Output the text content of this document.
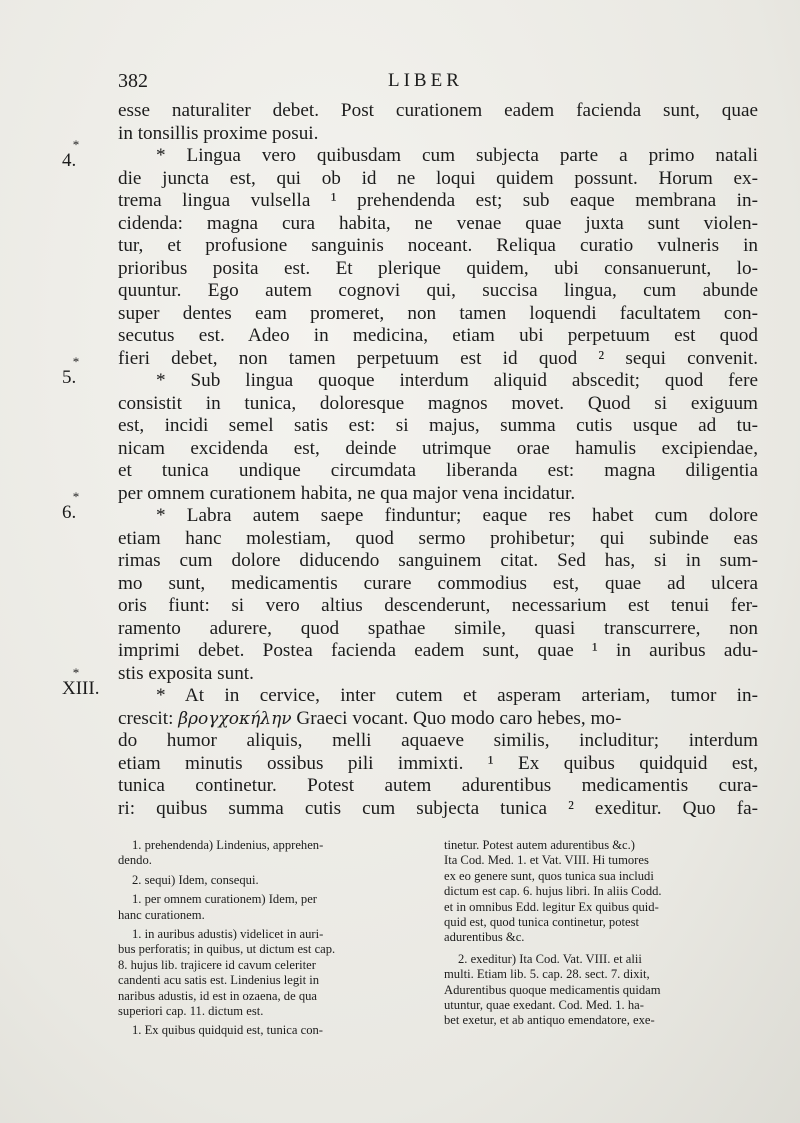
382	LIBER
*
4.
*
5.
*
6.
*
XIII.
esse naturaliter debet. Post curationem eadem facienda sunt, quae
in tonsillis proxime posui.
* Lingua vero quibusdam cum subjecta parte a primo natali
die juncta est, qui ob id ne loqui quidem possunt. Horum ex-
trema lingua vulsella ¹ prehendenda est; sub eaque membrana in-
cidenda: magna cura habita, ne venae quae juxta sunt violen-
tur, et profusione sanguinis noceant. Reliqua curatio vulneris in
prioribus posita est. Et plerique quidem, ubi consanuerunt, lo-
quuntur. Ego autem cognovi qui, succisa lingua, cum abunde
super dentes eam promeret, non tamen loquendi facultatem con-
secutus est. Adeo in medicina, etiam ubi perpetuum est quod
fieri debet, non tamen perpetuum est id quod ² sequi convenit.
* Sub lingua quoque interdum aliquid abscedit; quod fere
consistit in tunica, doloresque magnos movet. Quod si exiguum
est, incidi semel satis est: si majus, summa cutis usque ad tu-
nicam excidenda est, deinde utrimque orae hamulis excipiendae,
et tunica undique circumdata liberanda est: magna diligentia
per omnem curationem habita, ne qua major vena incidatur.
* Labra autem saepe finduntur; eaque res habet cum dolore
etiam hanc molestiam, quod sermo prohibetur; qui subinde eas
rimas cum dolore diducendo sanguinem citat. Sed has, si in sum-
mo sunt, medicamentis curare commodius est, quae ad ulcera
oris fiunt: si vero altius descenderunt, necessarium est tenui fer-
ramento adurere, quod spathae simile, quasi transcurrere, non
imprimi debet. Postea facienda eadem sunt, quae ¹ in auribus adu-
stis exposita sunt.
* At in cervice, inter cutem et asperam arteriam, tumor in-
crescit: βρογχοκήλην Graeci vocant. Quo modo caro hebes, mo-
do humor aliquis, melli aquaeve similis, includitur; interdum
etiam minutis ossibus pili immixti. ¹ Ex quibus quidquid est,
tunica continetur. Potest autem adurentibus medicamentis cura-
ri: quibus summa cutis cum subjecta tunica ² exeditur. Quo fa-
1. prehendenda) Lindenius, apprehen-
dendo.
2. sequi) Idem, consequi.
1. per omnem curationem) Idem, per
hanc curationem.
1. in auribus adustis) videlicet in auri-
bus perforatis; in quibus, ut dictum est cap.
8. hujus lib. trajicere id cavum celeriter
candenti acu satis est. Lindenius legit in
naribus adustis, id est in ozaena, de qua
superiori cap. 11. dictum est.
1. Ex quibus quidquid est, tunica con-
tinetur. Potest autem adurentibus &c.)
Ita Cod. Med. 1. et Vat. VIII. Hi tumores
ex eo genere sunt, quos tunica sua includi
dictum est cap. 6. hujus libri. In aliis Codd.
et in omnibus Edd. legitur Ex quibus quid-
quid est, quod tunica continetur, potest
adurentibus &c.
2. exeditur) Ita Cod. Vat. VIII. et alii
multi. Etiam lib. 5. cap. 28. sect. 7. dixit,
Adurentibus quoque medicamentis quidam
utuntur, quae exedant. Cod. Med. 1. ha-
bet exetur, et ab antiquo emendatore, exe-
